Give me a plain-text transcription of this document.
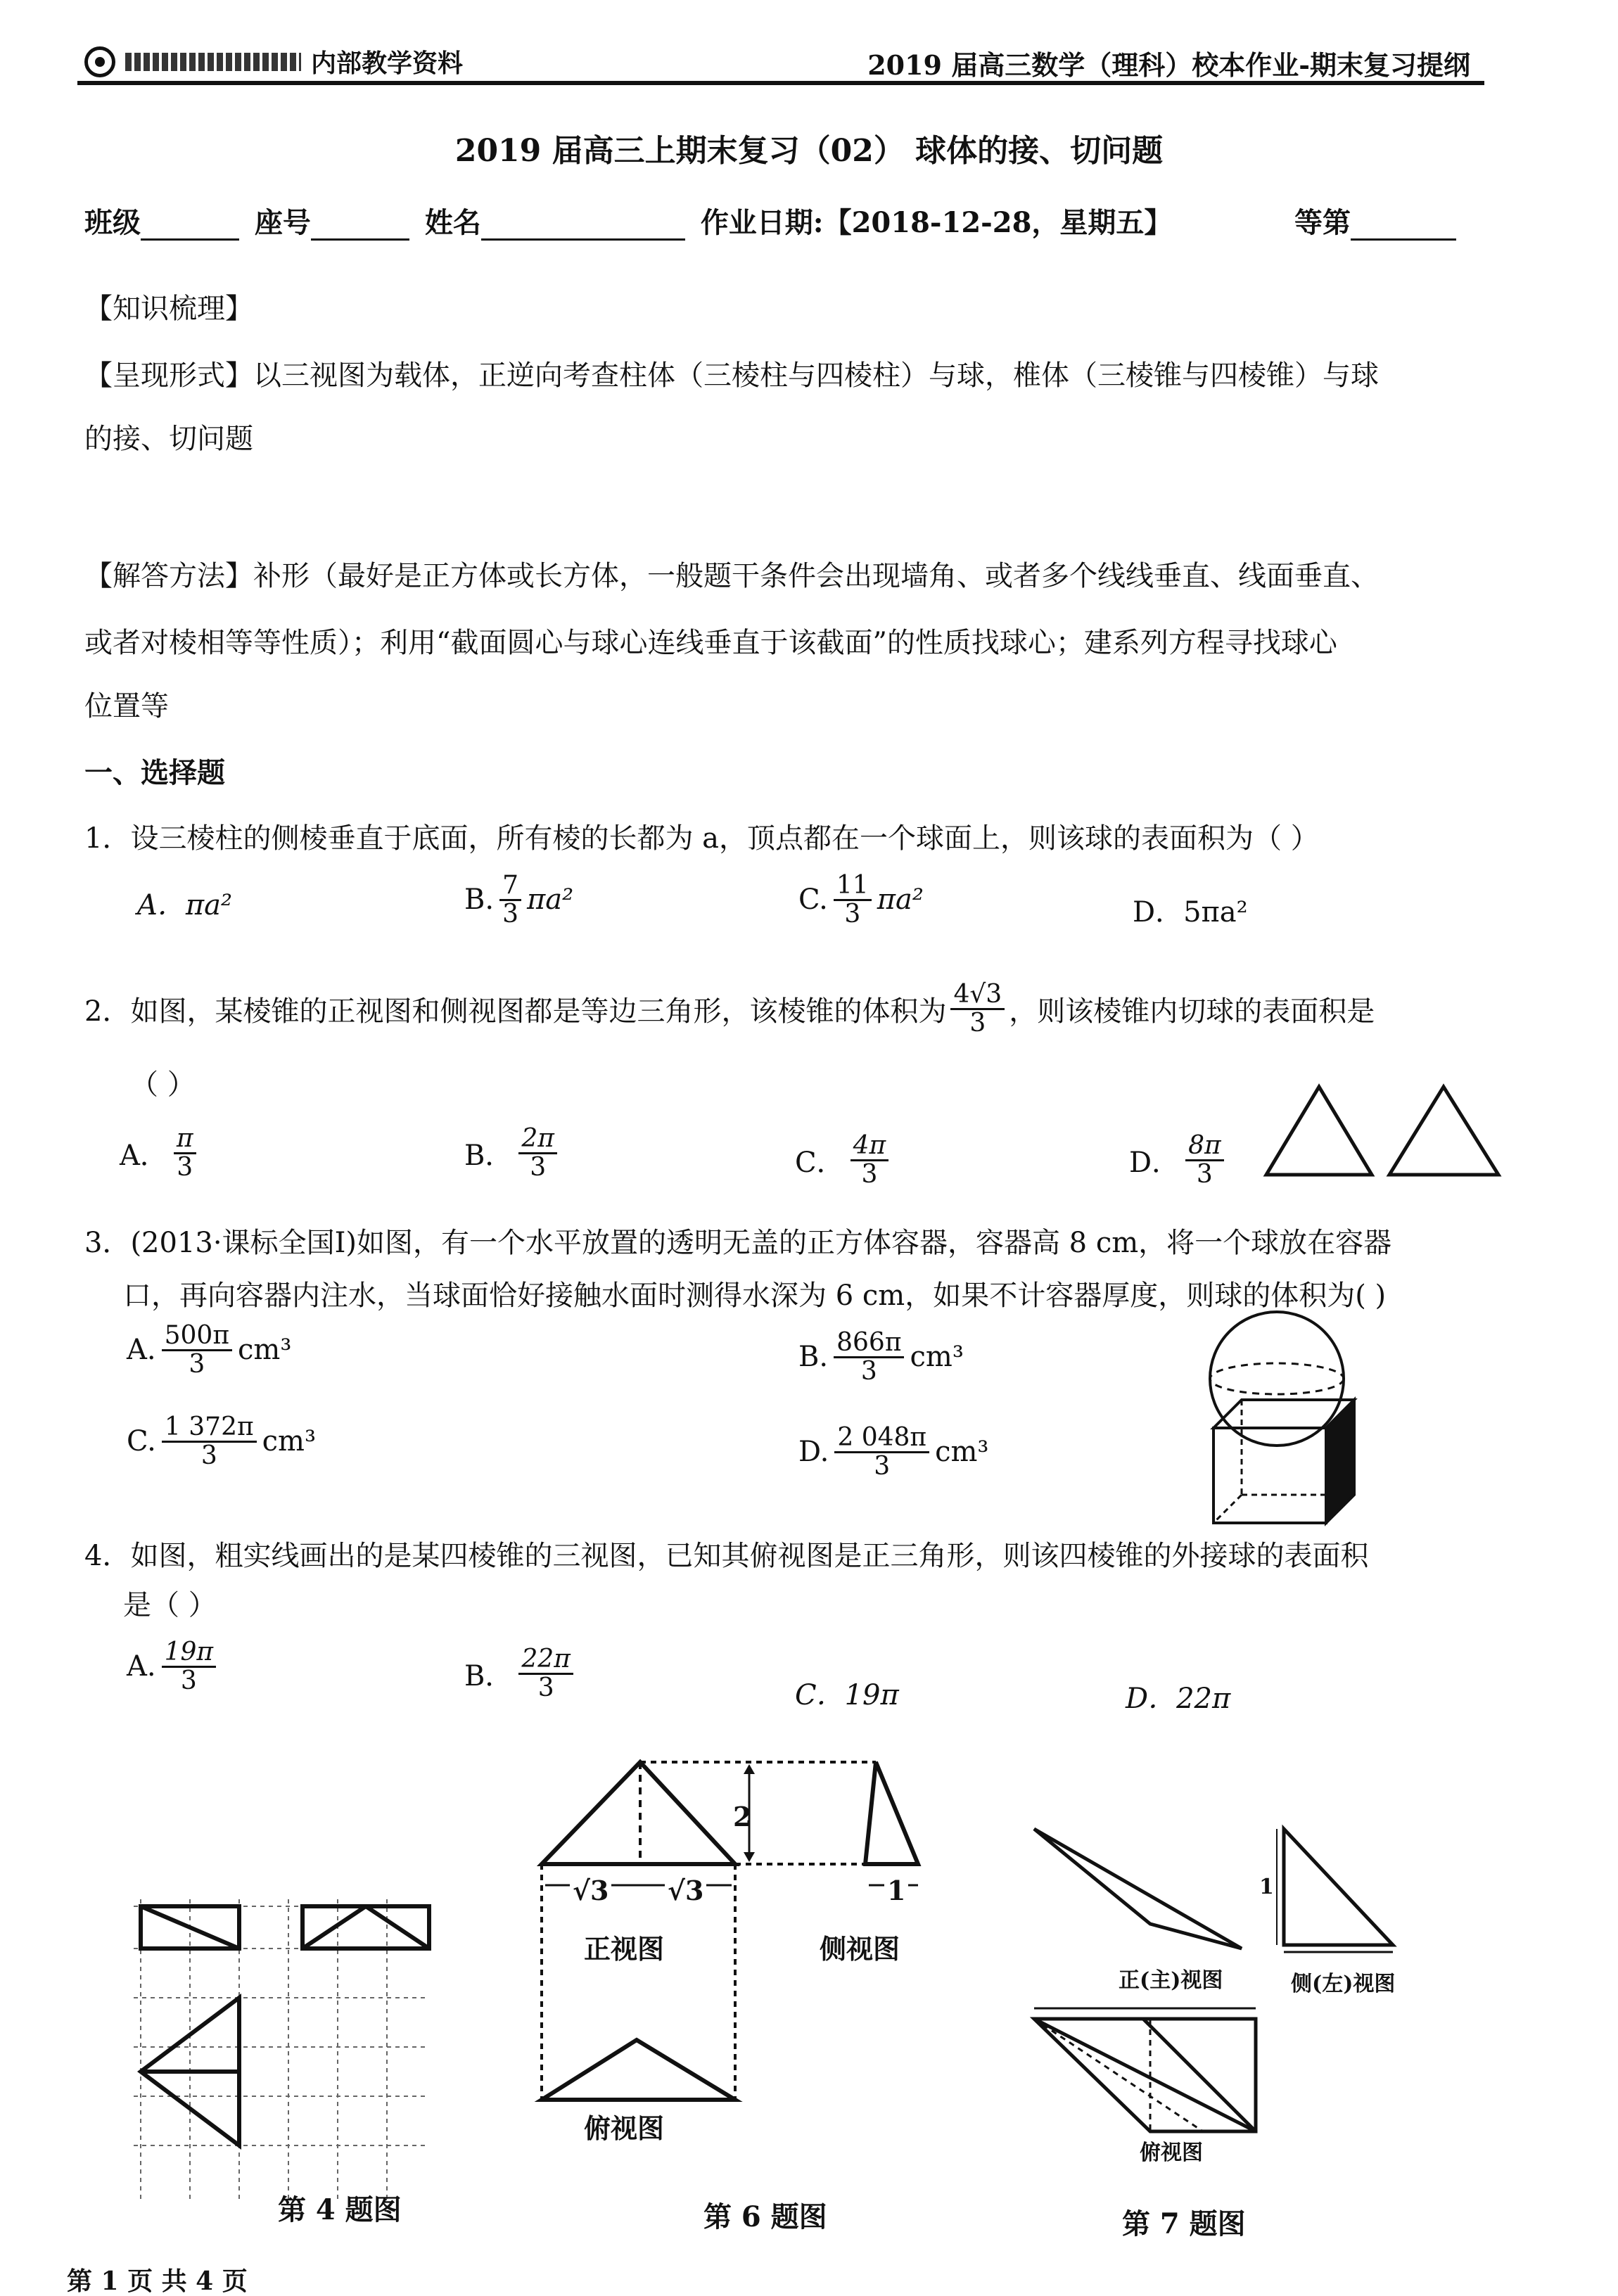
内部教学资料	2019 届高三数学（理科）校本作业-期末复习提纲
2019 届高三上期末复习（02） 球体的接、切问题
班级	座号	姓名	作业日期:【2018-12-28，星期五】	等第
【知识梳理】
【呈现形式】以三视图为载体，正逆向考查柱体（三棱柱与四棱柱）与球，椎体（三棱锥与四棱锥）与球
的接、切问题
【解答方法】补形（最好是正方体或长方体，一般题干条件会出现墙角、或者多个线线垂直、线面垂直、
或者对棱相等等性质）；利用“截面圆心与球心连线垂直于该截面”的性质找球心；建系列方程寻找球心
位置等
一、选择题
1．设三棱柱的侧棱垂直于底面，所有棱的长都为 a，顶点都在一个球面上，则该球的表面积为（ ）
A．πa²	B. $\frac{7}{3} \pi a^2$	C. $\frac{11}{3} \pi a^2$	D．5πa²
2．如图，某棱锥的正视图和侧视图都是等边三角形，该棱锥的体积为 $\frac{4√3}{3}$ ，则该棱锥内切球的表面积是
（ ）
A． $\frac{\pi}{3}$	B． $\frac{2\pi}{3}$	C． $\frac{4\pi}{3}$	D． $\frac{8\pi}{3}$
3．(2013·课标全国Ⅰ)如图，有一个水平放置的透明无盖的正方体容器，容器高 8 cm，将一个球放在容器
口，再向容器内注水，当球面恰好接触水面时测得水深为 6 cm，如果不计容器厚度，则球的体积为( )
A. $\frac{500\pi}{3} cm^3$	B. $\frac{866\pi}{3} cm^3$
C. $\frac{1 372\pi}{3} cm^3$	D. $\frac{2 048\pi}{3} cm^3$
4．如图，粗实线画出的是某四棱锥的三视图，已知其俯视图是正三角形，则该四棱锥的外接球的表面积
是（ ）
A. $\frac{19\pi}{3}$	B． $\frac{22\pi}{3}$	C．19π	D．22π
第 4 题图
2
√3 √3	1
正视图	侧视图
俯视图
第 6 题图
正(主)视图	侧(左)视图
1
俯视图
第 7 题图
第 1 页 共 4 页
